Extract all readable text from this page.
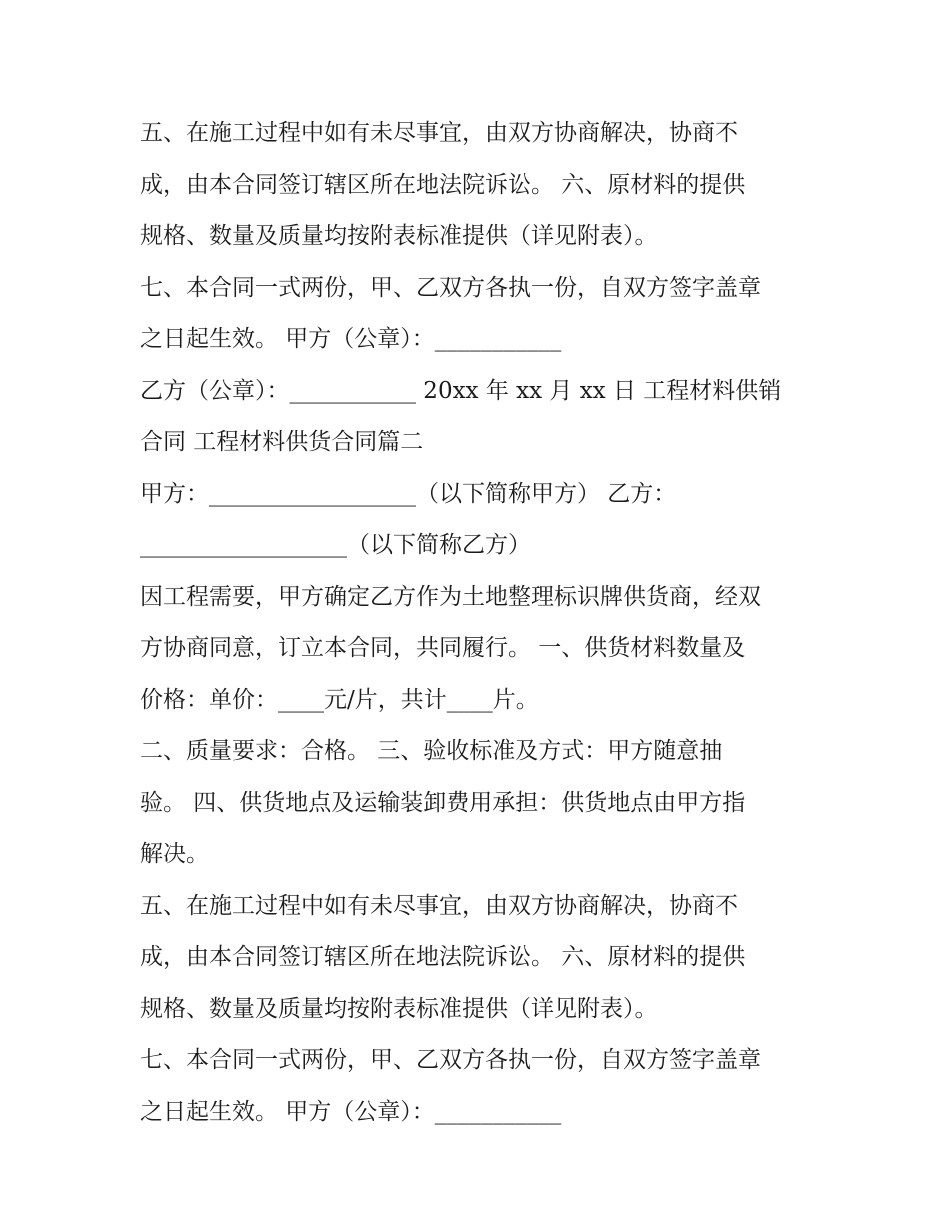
五、在施工过程中如有未尽事宜，由双方协商解决，协商不
成，由本合同签订辖区所在地法院诉讼。 六、原材料的提供
规格、数量及质量均按附表标准提供（详见附表）。
七、本合同一式两份，甲、乙双方各执一份，自双方签字盖章
之日起生效。 甲方（公章）：___________
乙方（公章）：___________ 20xx 年 xx 月 xx 日 工程材料供销
合同 工程材料供货合同篇二
甲方：__________________（以下简称甲方） 乙方：
__________________（以下简称乙方）
因工程需要，甲方确定乙方作为土地整理标识牌供货商，经双
方协商同意，订立本合同，共同履行。 一、供货材料数量及
价格：单价：____元/片，共计____片。
二、质量要求：合格。 三、验收标准及方式：甲方随意抽
验。 四、供货地点及运输装卸费用承担：供货地点由甲方指
解决。
五、在施工过程中如有未尽事宜，由双方协商解决，协商不
成，由本合同签订辖区所在地法院诉讼。 六、原材料的提供
规格、数量及质量均按附表标准提供（详见附表）。
七、本合同一式两份，甲、乙双方各执一份，自双方签字盖章
之日起生效。 甲方（公章）：___________
